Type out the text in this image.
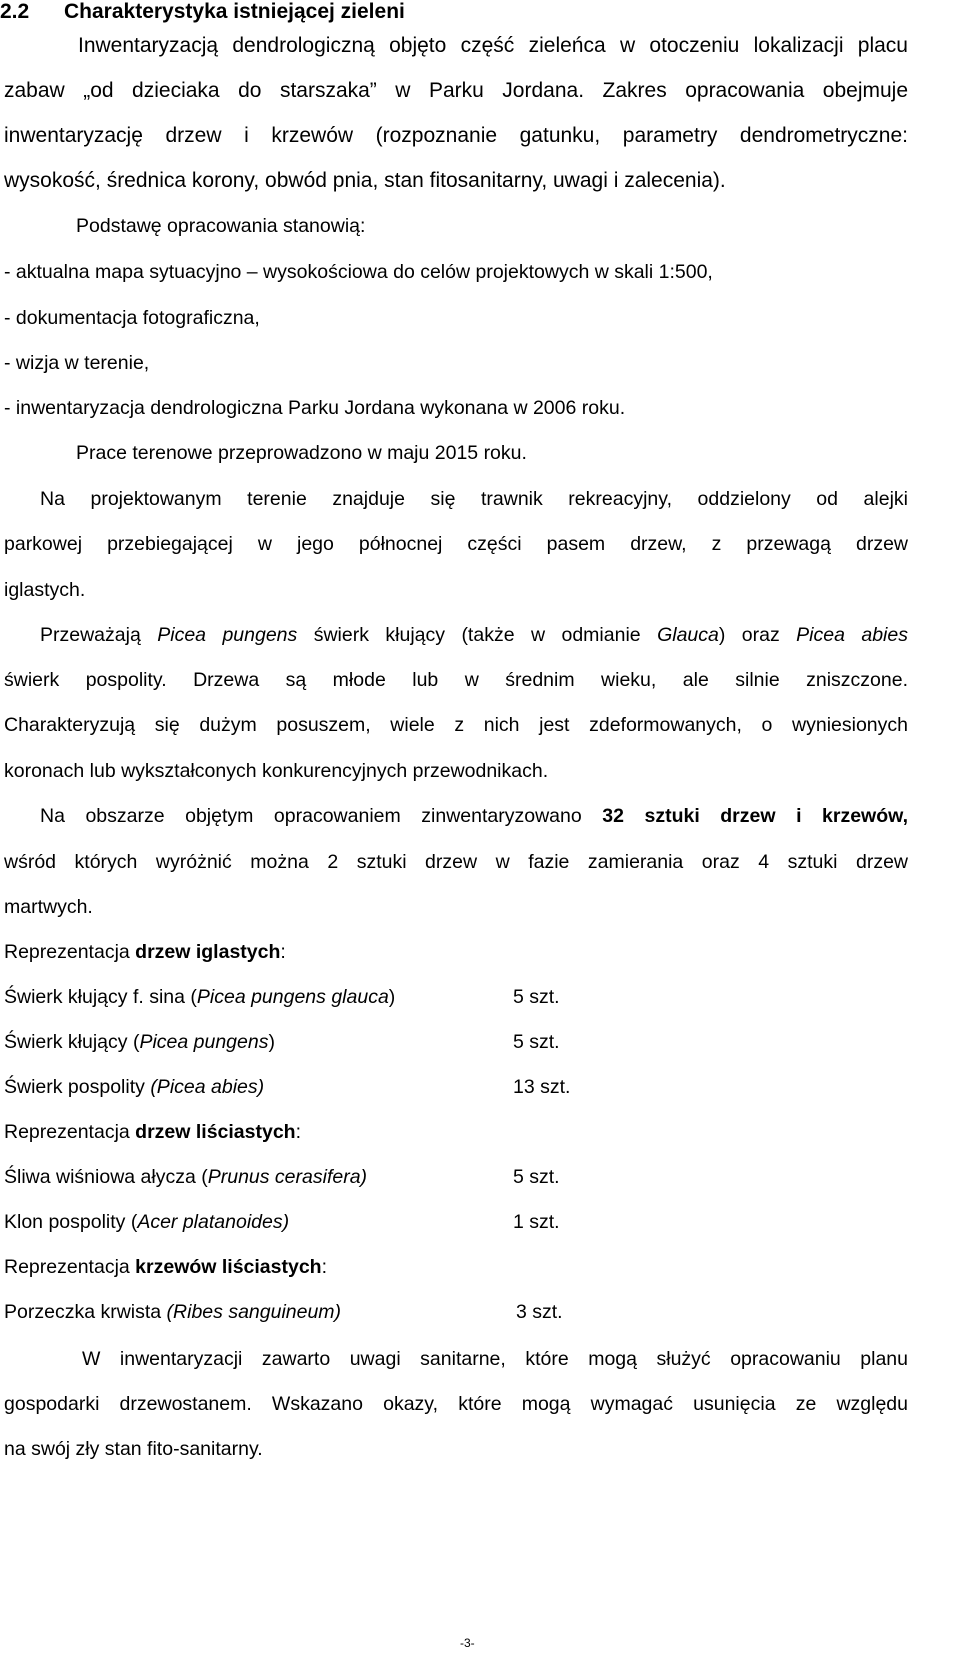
2.2 Charakterystyka istniejącej zieleni
Inwentaryzacją dendrologiczną objęto część zieleńca w otoczeniu lokalizacji placu
zabaw „od dzieciaka do starszaka” w Parku Jordana. Zakres opracowania obejmuje
inwentaryzację drzew i krzewów (rozpoznanie gatunku, parametry dendrometryczne:
wysokość, średnica korony, obwód pnia, stan fitosanitarny, uwagi i zalecenia).
Podstawę opracowania stanowią:
- aktualna mapa sytuacyjno – wysokościowa do celów projektowych w skali 1:500,
- dokumentacja fotograficzna,
- wizja w terenie,
- inwentaryzacja dendrologiczna Parku Jordana wykonana w 2006 roku.
Prace terenowe przeprowadzono w maju 2015 roku.
Na projektowanym terenie znajduje się trawnik rekreacyjny, oddzielony od alejki
parkowej przebiegającej w jego północnej części pasem drzew, z przewagą drzew
iglastych.
Przeważają Picea pungens świerk kłujący (także w odmianie Glauca) oraz Picea abies
świerk pospolity. Drzewa są młode lub w średnim wieku, ale silnie zniszczone.
Charakteryzują się dużym posuszem, wiele z nich jest zdeformowanych, o wyniesionych
koronach lub wykształconych konkurencyjnych przewodnikach.
Na obszarze objętym opracowaniem zinwentaryzowano 32 sztuki drzew i krzewów,
wśród których wyróżnić można 2 sztuki drzew w fazie zamierania oraz 4 sztuki drzew
martwych.
Reprezentacja drzew iglastych:
Świerk kłujący f. sina (Picea pungens glauca)	5 szt.
Świerk kłujący (Picea pungens)	5 szt.
Świerk pospolity (Picea abies)	13 szt.
Reprezentacja drzew liściastych:
Śliwa wiśniowa ałycza (Prunus cerasifera)	5 szt.
Klon pospolity (Acer platanoides)	1 szt.
Reprezentacja krzewów liściastych:
Porzeczka krwista (Ribes sanguineum)	3 szt.
W inwentaryzacji zawarto uwagi sanitarne, które mogą służyć opracowaniu planu
gospodarki drzewostanem. Wskazano okazy, które mogą wymagać usunięcia ze względu
na swój zły stan fito-sanitarny.
-3-
